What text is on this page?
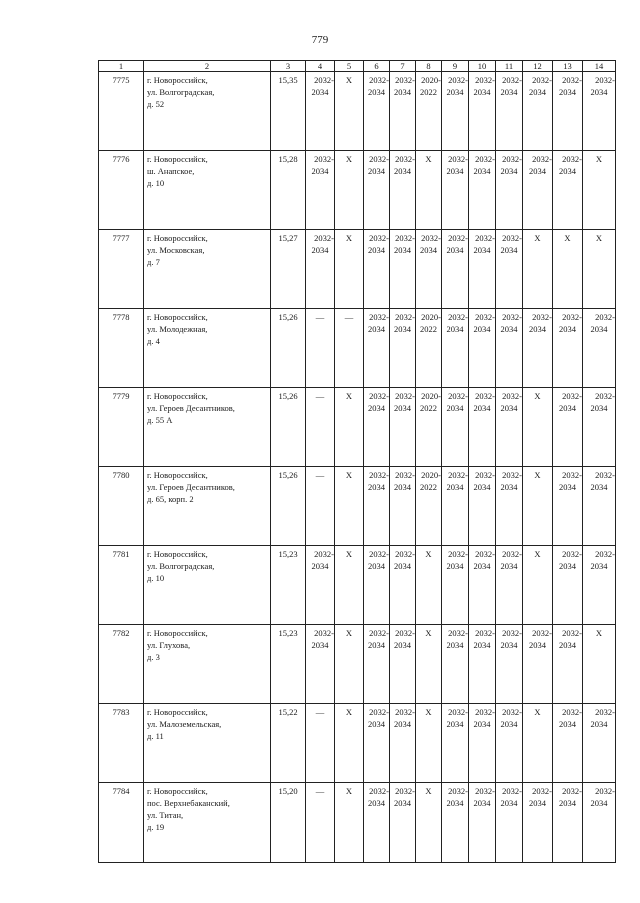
779
1	2	3	4	5	6	7	8	9	10	11	12	13	14
7775	г. Новороссийск,
ул. Волгоградская,
д. 52	15,35	2032-
2034	X	2032-
2034	2032-
2034	2020-
2022	2032-
2034	2032-
2034	2032-
2034	2032-
2034	2032-
2034	2032-
2034

7776	г. Новороссийск,
ш. Анапское,
д. 10	15,28	2032-
2034	X	2032-
2034	2032-
2034	X	2032-
2034	2032-
2034	2032-
2034	2032-
2034	2032-
2034	X
7777	г. Новороссийск,
ул. Московская,
д. 7	15,27	2032-
2034	X	2032-
2034	2032-
2034	2032-
2034	2032-
2034	2032-
2034	2032-
2034	X	X	X
7778	г. Новороссийск,
ул. Молодежная,
д. 4	15,26	—	—	2032-
2034	2032-
2034	2020-
2022	2032-
2034	2032-
2034	2032-
2034	2032-
2034	2032-
2034	2032-
2034

7779	г. Новороссийск,
ул. Героев Десантников,
д. 55 А	15,26	—	X	2032-
2034	2032-
2034	2020-
2022	2032-
2034	2032-
2034	2032-
2034	X	2032-
2034	2032-
2034

7780	г. Новороссийск,
ул. Героев Десантников,
д. 65, корп. 2	15,26	—	X	2032-
2034	2032-
2034	2020-
2022	2032-
2034	2032-
2034	2032-
2034	X	2032-
2034	2032-
2034

7781	г. Новороссийск,
ул. Волгоградская,
д. 10	15,23	2032-
2034	X	2032-
2034	2032-
2034	X	2032-
2034	2032-
2034	2032-
2034	X	2032-
2034	2032-
2034

7782	г. Новороссийск,
ул. Глухова,
д. 3	15,23	2032-
2034	X	2032-
2034	2032-
2034	X	2032-
2034	2032-
2034	2032-
2034	2032-
2034	2032-
2034	X
7783	г. Новороссийск,
ул. Малоземельская,
д. 11	15,22	—	X	2032-
2034	2032-
2034	X	2032-
2034	2032-
2034	2032-
2034	X	2032-
2034	2032-
2034

7784	г. Новороссийск,
пос. Верхнебаканский,
ул. Титан,
д. 19	15,20	—	X	2032-
2034	2032-
2034	X	2032-
2034	2032-
2034	2032-
2034	2032-
2034	2032-
2034	2032-
2034
